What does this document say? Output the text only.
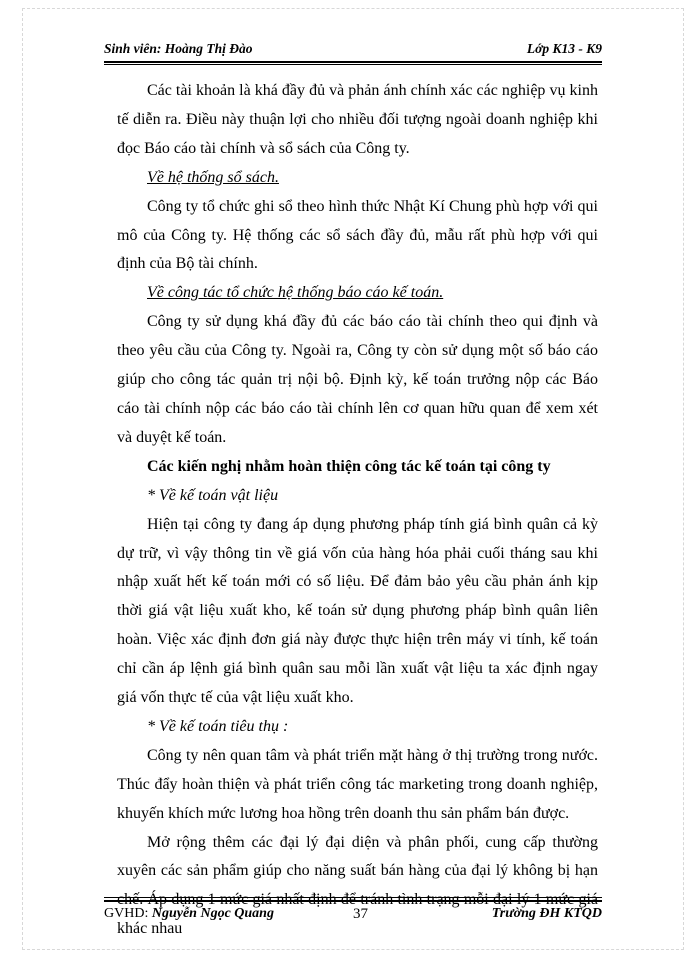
Sinh viên: Hoàng Thị Đào	Lớp K13 - K9

Các tài khoản là khá đầy đủ và phản ánh chính xác các nghiệp vụ kinh tế diễn ra. Điều này thuận lợi cho nhiều đối tượng ngoài doanh nghiệp khi đọc Báo cáo tài chính và sổ sách của Công ty.

Về hệ thống sổ sách.

Công ty tổ chức ghi sổ theo hình thức Nhật Kí Chung phù hợp với qui mô của Công ty. Hệ thống các sổ sách đầy đủ, mẫu rất phù hợp với qui định của Bộ tài chính.

Về công tác tổ chức hệ thống báo cáo kế toán.

Công ty sử dụng khá đầy đủ các báo cáo tài chính theo qui định và theo yêu cầu của Công ty. Ngoài ra, Công ty còn sử dụng một số báo cáo giúp cho công tác quản trị nội bộ. Định kỳ, kế toán trưởng nộp các Báo cáo tài chính nộp các báo cáo tài chính lên cơ quan hữu quan để xem xét và duyệt kế toán.

Các kiến nghị nhằm hoàn thiện công tác kế toán tại công ty

* Về kế toán vật liệu

Hiện tại công ty đang áp dụng phương pháp tính giá bình quân cả kỳ dự trữ, vì vậy thông tin về giá vốn của hàng hóa phải cuối tháng sau khi nhập xuất hết kế toán mới có số liệu. Để đảm bảo yêu cầu phản ánh kịp thời giá vật liệu xuất kho, kế toán sử dụng phương pháp bình quân liên hoàn. Việc xác định đơn giá này được thực hiện trên máy vi tính, kế toán chỉ cần áp lệnh giá bình quân sau mỗi lần xuất vật liệu ta xác định ngay giá vốn thực tế của vật liệu xuất kho.

* Về kế toán tiêu thụ :

Công ty nên quan tâm và phát triển mặt hàng ở thị trường trong nước. Thúc đẩy hoàn thiện và phát triển công tác marketing trong doanh nghiệp, khuyến khích mức lương hoa hồng trên doanh thu sản phẩm bán được.

Mở rộng thêm các đại lý đại diện và phân phối, cung cấp thường xuyên các sản phẩm giúp cho năng suất bán hàng của đại lý không bị hạn chế. Áp dụng 1 mức giá nhất định để tránh tình trạng mỗi đại lý 1 mức giá khác nhau

GVHD: Nguyễn Ngọc Quang	37	Trường ĐH KTQD
